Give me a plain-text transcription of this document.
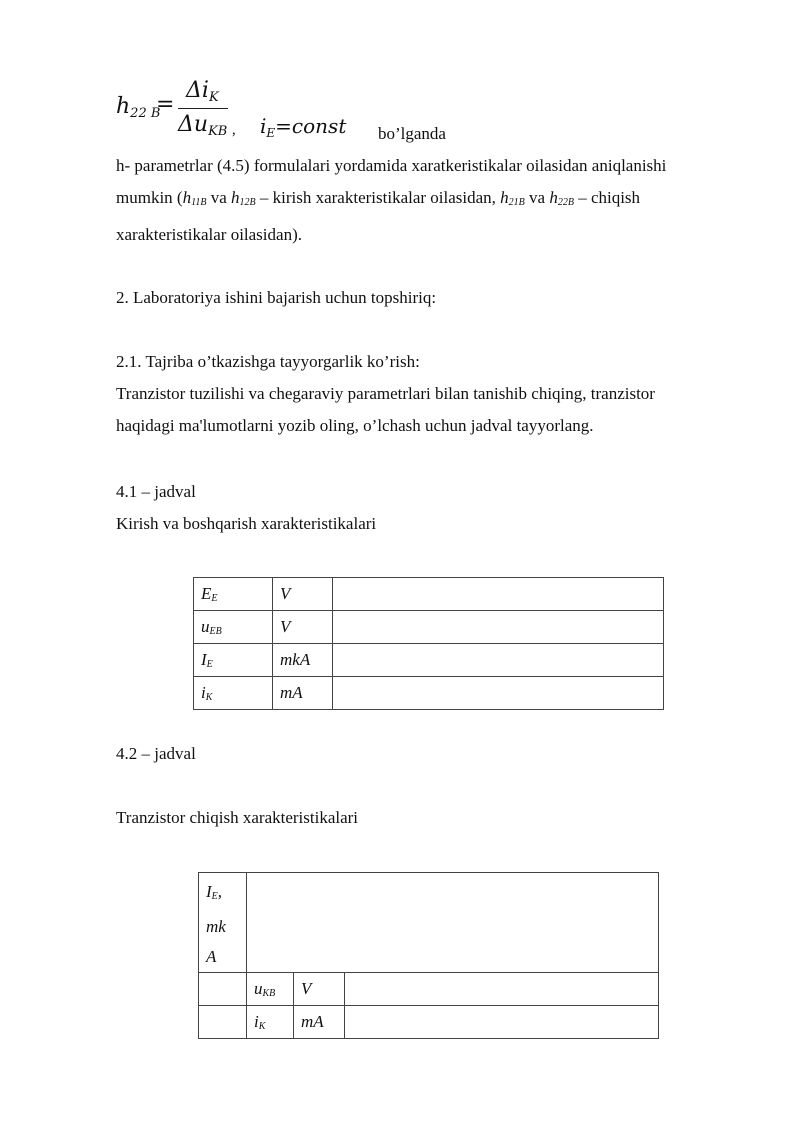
h22 B
=
ΔiK
ΔuKB , $i_E=const$ bo’lganda
h- parametrlar (4.5) formulalari yordamida xaratkeristikalar oilasidan aniqlanishi
mumkin ($h_{11B}$ va $h_{12B}$ – kirish xarakteristikalar oilasidan, $h_{21B}$ va $h_{22B}$ – chiqish
xarakteristikalar oilasidan).
2. Laboratoriya ishini bajarish uchun topshiriq:
2.1. Tajriba o’tkazishga tayyorgarlik ko’rish:
Tranzistor tuzilishi va chegaraviy parametrlari bilan tanishib chiqing, tranzistor
haqidagi ma'lumotlarni yozib oling, o’lchash uchun jadval tayyorlang.
4.1 – jadval
Kirish va boshqarish xarakteristikalari
$E_E$	V	
$u_{EB}$	V	
$I_E$	mkA	
$i_K$	mA	
4.2 – jadval
Tranzistor chiqish xarakteristikalari
$I_E$,
mk
A			

	$u_{KB}$	V	
	$i_K$	mA	
